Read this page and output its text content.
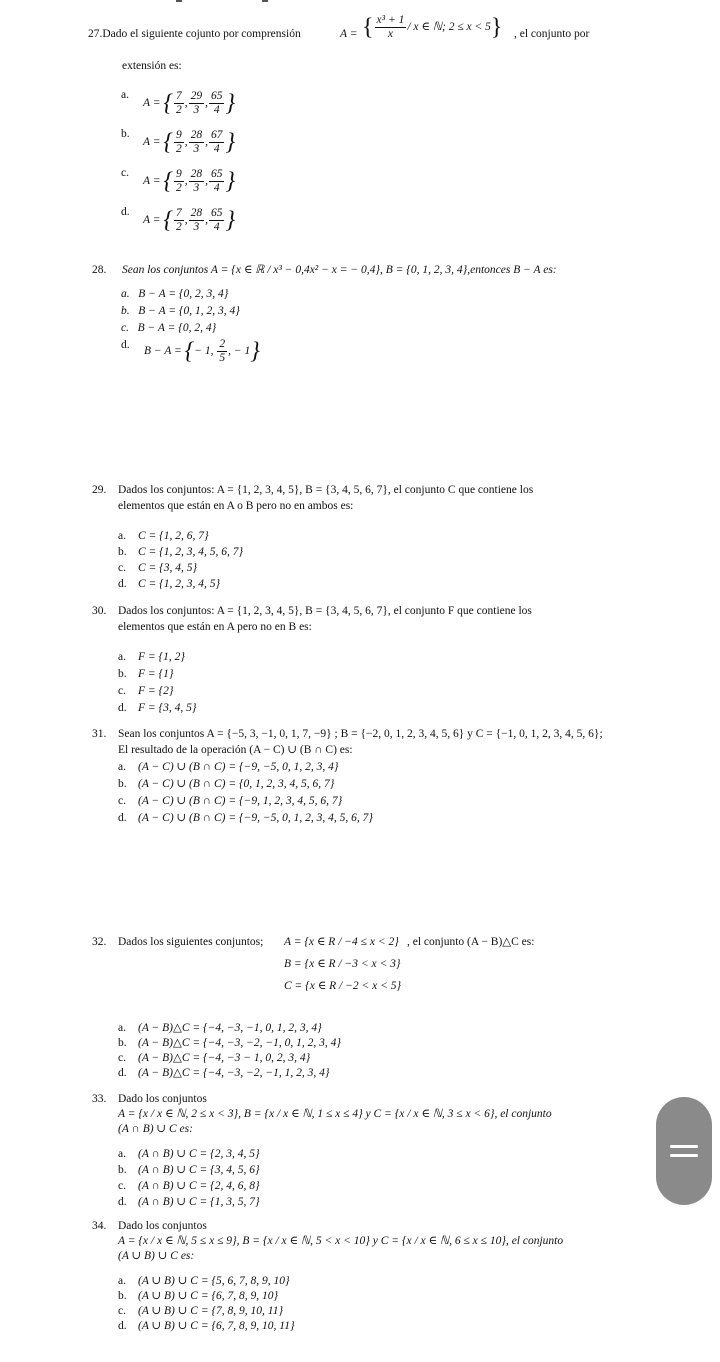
27.Dado el siguiente cojunto por comprensión	A = { $\frac{\text{x³ + 1}}{x}$ / x ∈ ℕ; 2 ≤ x < 5} , el conjunto por
extensión es:
a.
A = { $\frac{7}{2}$ , $\frac{29}{3}$ , $\frac{65}{4}$ }
b.
A = { $\frac{9}{2}$ , $\frac{28}{3}$ , $\frac{67}{4}$ }
c.
A = { $\frac{9}{2}$ , $\frac{28}{3}$ , $\frac{65}{4}$ }
d.
A = { $\frac{7}{2}$ , $\frac{28}{3}$ , $\frac{65}{4}$ }
28. Sean los conjuntos A = {x ∈ ℝ / x³ − 0,4x² − x = − 0,4}, B = {0, 1, 2, 3, 4},entonces B − A es:
a. B − A = {0, 2, 3, 4}
b. B − A = {0, 1, 2, 3, 4}
c. B − A = {0, 2, 4}
d.
B − A = {− 1, $\frac{2}{5}$ , − 1}
29. Dados los conjuntos: A = {1, 2, 3, 4, 5}, B = {3, 4, 5, 6, 7}, el conjunto C que contiene los
elementos que están en A o B pero no en ambos es:
a. C = {1, 2, 6, 7}
b. C = {1, 2, 3, 4, 5, 6, 7}
c. C = {3, 4, 5}
d. C = {1, 2, 3, 4, 5}
30. Dados los conjuntos: A = {1, 2, 3, 4, 5}, B = {3, 4, 5, 6, 7}, el conjunto F que contiene los
elementos que están en A pero no en B es:
a. F = {1, 2}
b. F = {1}
c. F = {2}
d. F = {3, 4, 5}
31. Sean los conjuntos A = {−5, 3, −1, 0, 1, 7, −9} ; B = {−2, 0, 1, 2, 3, 4, 5, 6} y C = {−1, 0, 1, 2, 3, 4, 5, 6};
El resultado de la operación (A − C) ∪ (B ∩ C) es:
a. (A − C) ∪ (B ∩ C) = {−9, −5, 0, 1, 2, 3, 4}
b. (A − C) ∪ (B ∩ C) = {0, 1, 2, 3, 4, 5, 6, 7}
c. (A − C) ∪ (B ∩ C) = {−9, 1, 2, 3, 4, 5, 6, 7}
d. (A − C) ∪ (B ∩ C) = {−9, −5, 0, 1, 2, 3, 4, 5, 6, 7}
32. Dados los siguientes conjuntos; A = {x ∈ R / −4 ≤ x < 2} , el conjunto (A − B)△C es:
B = {x ∈ R / −3 < x < 3}
C = {x ∈ R / −2 < x < 5}
a. (A − B)△C = {−4, −3, −1, 0, 1, 2, 3, 4}
b. (A − B)△C = {−4, −3, −2, −1, 0, 1, 2, 3, 4}
c. (A − B)△C = {−4, −3 − 1, 0, 2, 3, 4}
d. (A − B)△C = {−4, −3, −2, −1, 1, 2, 3, 4}
33. Dado los conjuntos
A = {x / x ∈ ℕ, 2 ≤ x < 3}, B = {x / x ∈ ℕ, 1 ≤ x ≤ 4} y C = {x / x ∈ ℕ, 3 ≤ x < 6}, el conjunto
(A ∩ B) ∪ C es:
a. (A ∩ B) ∪ C = {2, 3, 4, 5}
b. (A ∩ B) ∪ C = {3, 4, 5, 6}
c. (A ∩ B) ∪ C = {2, 4, 6, 8}
d. (A ∩ B) ∪ C = {1, 3, 5, 7}
34. Dado los conjuntos
A = {x / x ∈ ℕ, 5 ≤ x ≤ 9}, B = {x / x ∈ ℕ, 5 < x < 10} y C = {x / x ∈ ℕ, 6 ≤ x ≤ 10}, el conjunto
(A ∪ B) ∪ C es:
a. (A ∪ B) ∪ C = {5, 6, 7, 8, 9, 10}
b. (A ∪ B) ∪ C = {6, 7, 8, 9, 10}
c. (A ∪ B) ∪ C = {7, 8, 9, 10, 11}
d. (A ∪ B) ∪ C = {6, 7, 8, 9, 10, 11}
